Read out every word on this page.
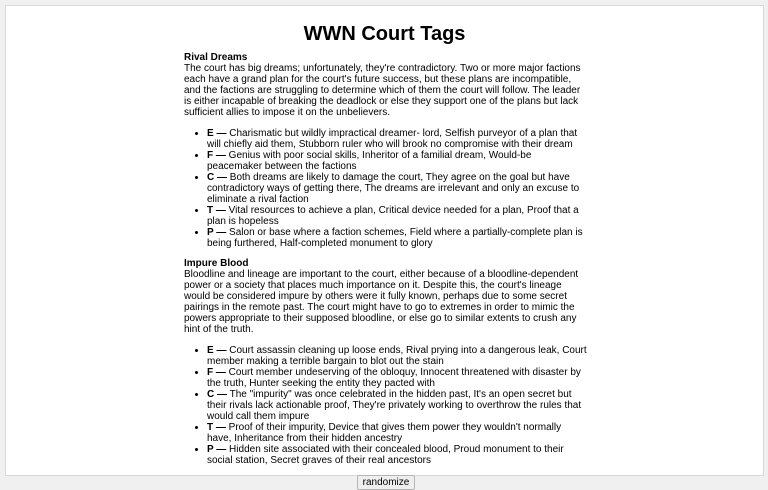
WWN Court Tags
Rival Dreams
The court has big dreams; unfortunately, they're contradictory. Two or more major factions each have a grand plan for the court's future success, but these plans are incompatible, and the factions are struggling to determine which of them the court will follow. The leader is either incapable of breaking the deadlock or else they support one of the plans but lack sufficient allies to impose it on the unbelievers.
• E — Charismatic but wildly impractical dreamer- lord, Selfish purveyor of a plan that will chiefly aid them, Stubborn ruler who will brook no compromise with their dream
• F — Genius with poor social skills, Inheritor of a familial dream, Would-be peacemaker between the factions
• C — Both dreams are likely to damage the court, They agree on the goal but have contradictory ways of getting there, The dreams are irrelevant and only an excuse to eliminate a rival faction
• T — Vital resources to achieve a plan, Critical device needed for a plan, Proof that a plan is hopeless
• P — Salon or base where a faction schemes, Field where a partially-complete plan is being furthered, Half-completed monument to glory
Impure Blood
Bloodline and lineage are important to the court, either because of a bloodline-dependent power or a society that places much importance on it. Despite this, the court's lineage would be considered impure by others were it fully known, perhaps due to some secret pairings in the remote past. The court might have to go to extremes in order to mimic the powers appropriate to their supposed bloodline, or else go to similar extents to crush any hint of the truth.
• E — Court assassin cleaning up loose ends, Rival prying into a dangerous leak, Court member making a terrible bargain to blot out the stain
• F — Court member undeserving of the obloquy, Innocent threatened with disaster by the truth, Hunter seeking the entity they pacted with
• C — The "impurity" was once celebrated in the hidden past, It's an open secret but their rivals lack actionable proof, They're privately working to overthrow the rules that would call them impure
• T — Proof of their impurity, Device that gives them power they wouldn't normally have, Inheritance from their hidden ancestry
• P — Hidden site associated with their concealed blood, Proud monument to their social station, Secret graves of their real ancestors
randomize
